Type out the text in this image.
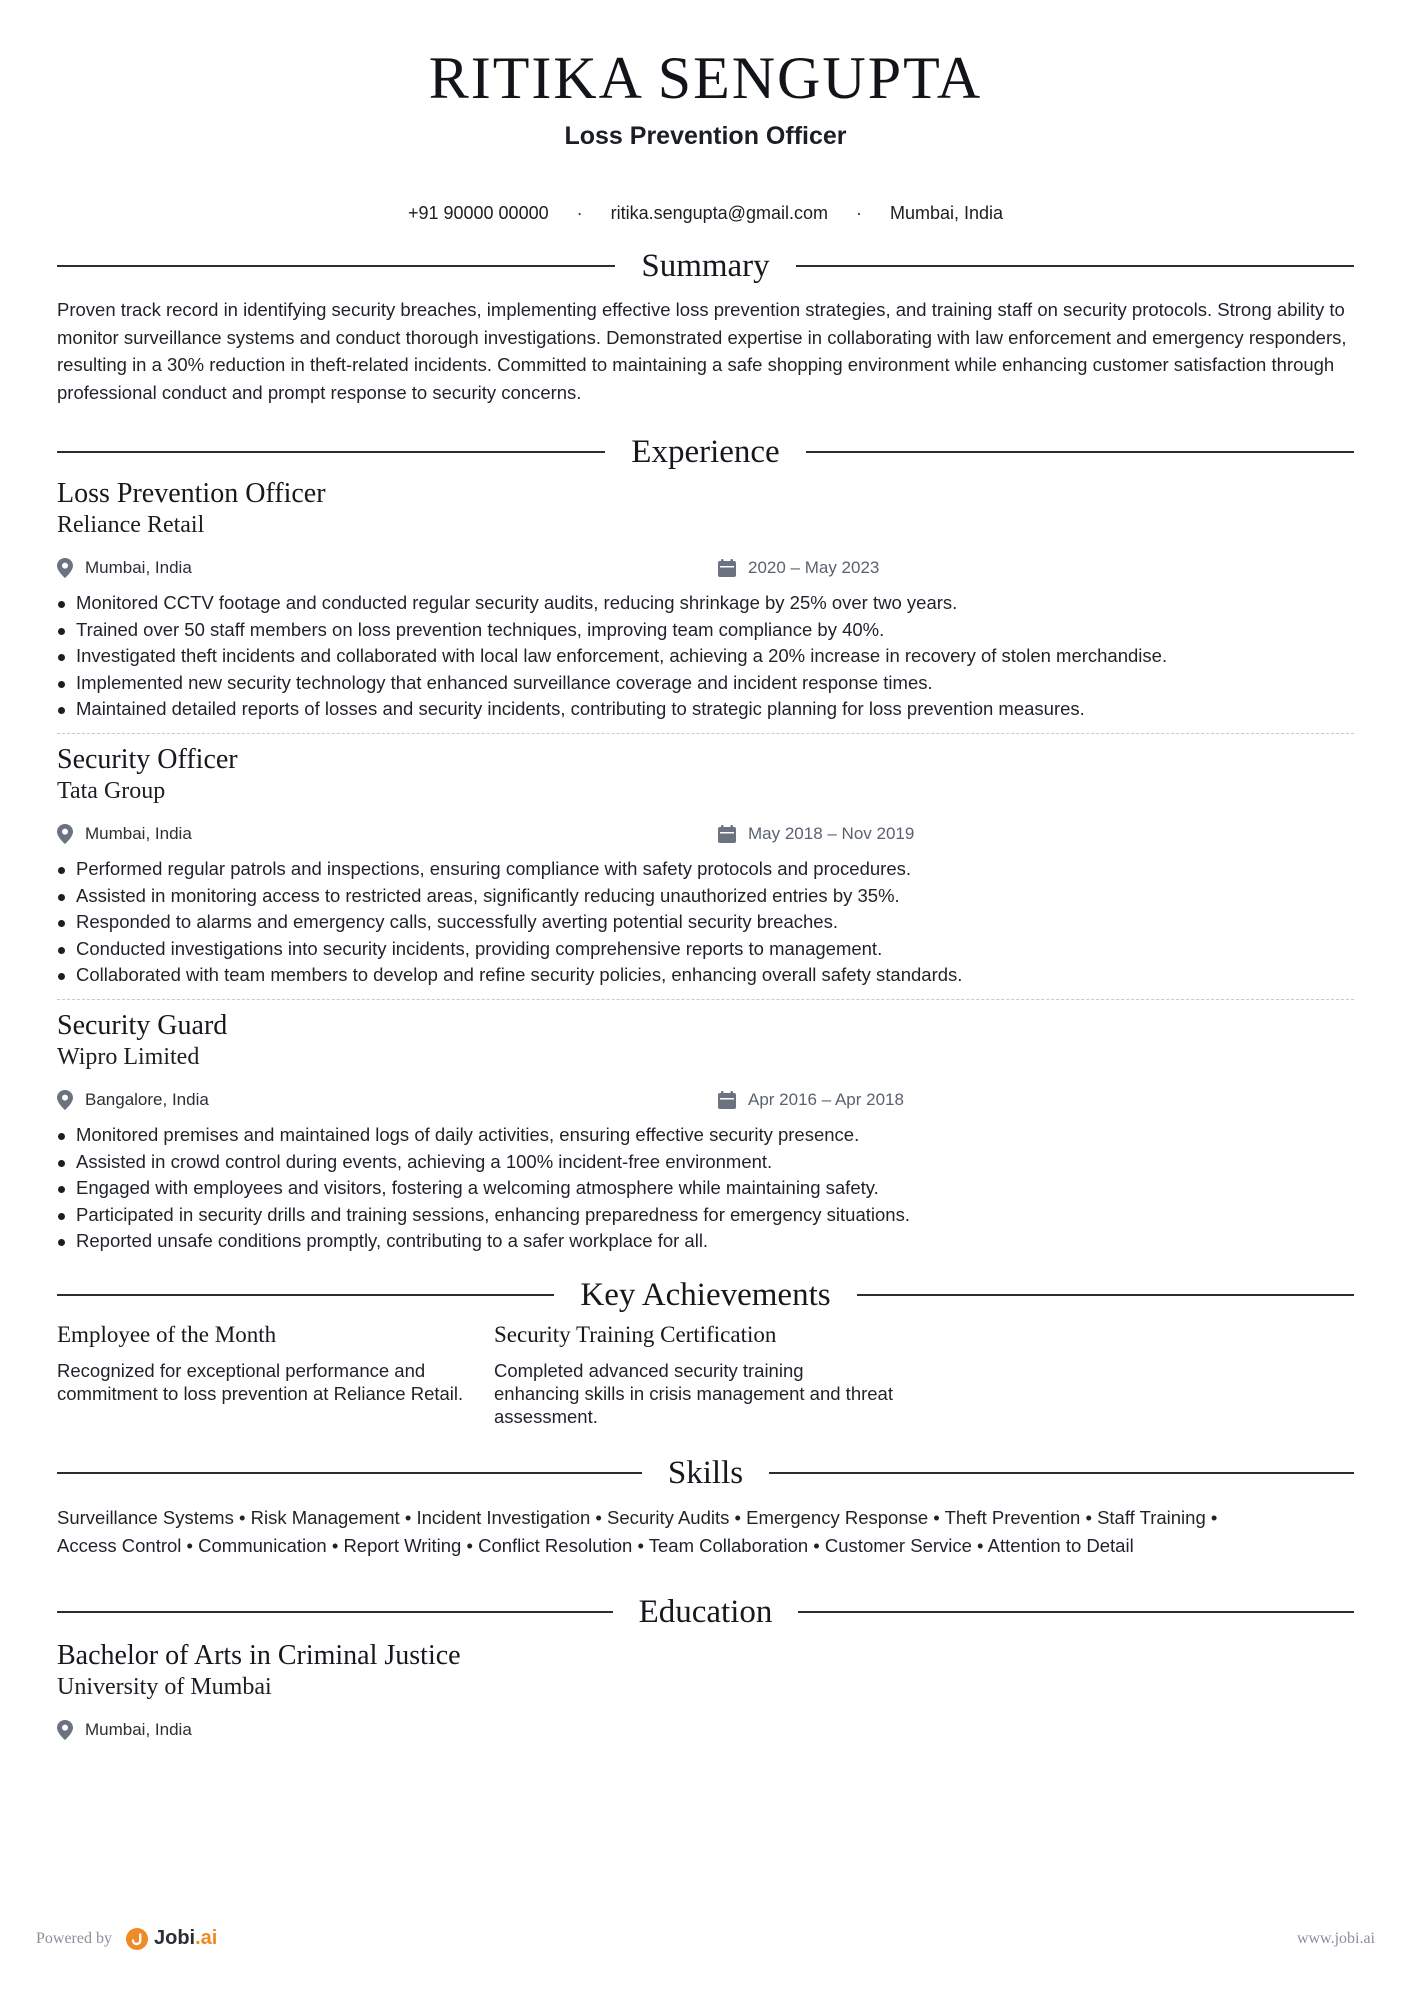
RITIKA SENGUPTA
Loss Prevention Officer
+91 90000 00000 · ritika.sengupta@gmail.com · Mumbai, India
Summary

Proven track record in identifying security breaches, implementing effective loss prevention strategies, and training staff on security protocols. Strong ability to monitor surveillance systems and conduct thorough investigations. Demonstrated expertise in collaborating with law enforcement and emergency responders, resulting in a 30% reduction in theft-related incidents. Committed to maintaining a safe shopping environment while enhancing customer satisfaction through professional conduct and prompt response to security concerns.

Experience
Loss Prevention Officer
Reliance Retail
Mumbai, India	2020 – May 2023
Monitored CCTV footage and conducted regular security audits, reducing shrinkage by 25% over two years.
Trained over 50 staff members on loss prevention techniques, improving team compliance by 40%.
Investigated theft incidents and collaborated with local law enforcement, achieving a 20% increase in recovery of stolen merchandise.
Implemented new security technology that enhanced surveillance coverage and incident response times.
Maintained detailed reports of losses and security incidents, contributing to strategic planning for loss prevention measures.
Security Officer
Tata Group
Mumbai, India	May 2018 – Nov 2019
Performed regular patrols and inspections, ensuring compliance with safety protocols and procedures.
Assisted in monitoring access to restricted areas, significantly reducing unauthorized entries by 35%.
Responded to alarms and emergency calls, successfully averting potential security breaches.
Conducted investigations into security incidents, providing comprehensive reports to management.
Collaborated with team members to develop and refine security policies, enhancing overall safety standards.
Security Guard
Wipro Limited
Bangalore, India	Apr 2016 – Apr 2018
Monitored premises and maintained logs of daily activities, ensuring effective security presence.
Assisted in crowd control during events, achieving a 100% incident-free environment.
Engaged with employees and visitors, fostering a welcoming atmosphere while maintaining safety.
Participated in security drills and training sessions, enhancing preparedness for emergency situations.
Reported unsafe conditions promptly, contributing to a safer workplace for all.
Key Achievements
Employee of the Month
Recognized for exceptional performance and commitment to loss prevention at Reliance Retail.
Security Training Certification
Completed advanced security training enhancing skills in crisis management and threat assessment.
Skills
Surveillance Systems • Risk Management • Incident Investigation • Security Audits • Emergency Response • Theft Prevention • Staff Training •
Access Control • Communication • Report Writing • Conflict Resolution • Team Collaboration • Customer Service • Attention to Detail
Education
Bachelor of Arts in Criminal Justice
University of Mumbai
Mumbai, India
Powered by Jobi.ai	www.jobi.ai
